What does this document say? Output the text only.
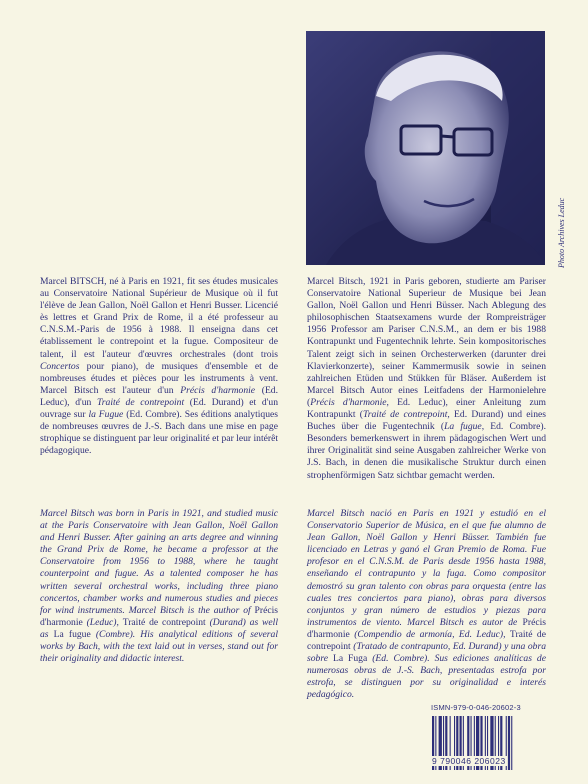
Photo Archives Leduc

Marcel BITSCH, né à Paris en 1921, fit ses études musicales au Conservatoire National Supérieur de Musique où il fut l'élève de Jean Gallon, Noël Gallon et Henri Busser. Licencié ès lettres et Grand Prix de Rome, il a été professeur au C.N.S.M.-Paris de 1956 à 1988. Il enseigna dans cet établissement le contrepoint et la fugue. Compositeur de talent, il est l'auteur d'œuvres orchestrales (dont trois Concertos pour piano), de musiques d'ensemble et de nombreuses études et pièces pour les instruments à vent. Marcel Bitsch est l'auteur d'un Précis d'harmonie (Ed. Leduc), d'un Traité de contrepoint (Ed. Durand) et d'un ouvrage sur la Fugue (Ed. Combre). Ses éditions analytiques de nombreuses œuvres de J.-S. Bach dans une mise en page strophique se distinguent par leur originalité et par leur intérêt pédagogique.

Marcel Bitsch, 1921 in Paris geboren, studierte am Pariser Conservatoire National Superieur de Musique bei Jean Gallon, Noël Gallon und Henri Büsser. Nach Ablegung des philosophischen Staatsexamens wurde der Rompreisträger 1956 Professor am Pariser C.N.S.M., an dem er bis 1988 Kontrapunkt und Fugentechnik lehrte. Sein kompositorisches Talent zeigt sich in seinen Orchesterwerken (darunter drei Klavierkonzerte), seiner Kammermusik sowie in seinen zahlreichen Etüden und Stükken für Bläser. Außerdem ist Marcel Bitsch Autor eines Leitfadens der Harmonielehre (Précis d'harmonie, Ed. Leduc), einer Anleitung zum Kontrapunkt (Traité de contrepoint, Ed. Durand) und eines Buches über die Fugentechnik (La fugue, Ed. Combre). Besonders bemerkenswert in ihrem pädagogischen Wert und ihrer Originalität sind seine Ausgaben zahlreicher Werke von J.S. Bach, in denen die musikalische Struktur durch einen strophenförmigen Satz sichtbar gemacht werden.

Marcel Bitsch was born in Paris in 1921, and studied music at the Paris Conservatoire with Jean Gallon, Noël Gallon and Henri Busser. After gaining an arts degree and winning the Grand Prix de Rome, he became a professor at the Conservatoire from 1956 to 1988, where he taught counterpoint and fugue. As a talented composer he has written several orchestral works, including three piano concertos, chamber works and numerous studies and pieces for wind instruments. Marcel Bitsch is the author of Précis d'harmonie (Leduc), Traité de contrepoint (Durand) as well as La fugue (Combre). His analytical editions of several works by Bach, with the text laid out in verses, stand out for their originality and didactic interest.

Marcel Bitsch nació en Paris en 1921 y estudió en el Conservatorio Superior de Música, en el que fue alumno de Jean Gallon, Noël Gallon y Henri Büsser. También fue licenciado en Letras y ganó el Gran Premio de Roma. Fue profesor en el C.N.S.M. de Paris desde 1956 hasta 1988, enseñando el contrapunto y la fuga. Como compositor demostró su gran talento con obras para orquesta (entre las cuales tres conciertos para piano), obras para diversos conjuntos y gran número de estudios y piezas para instrumentos de viento. Marcel Bitsch es autor de Précis d'harmonie (Compendio de armonía, Ed. Leduc), Traité de contrepoint (Tratado de contrapunto, Ed. Durand) y una obra sobre La Fuga (Ed. Combre). Sus ediciones analíticas de numerosas obras de J.-S. Bach, presentadas estrofa por estrofa, se distinguen por su originalidad e interés pedagógico.

ISMN-979-0-046-20602-3
9 790046 206023
